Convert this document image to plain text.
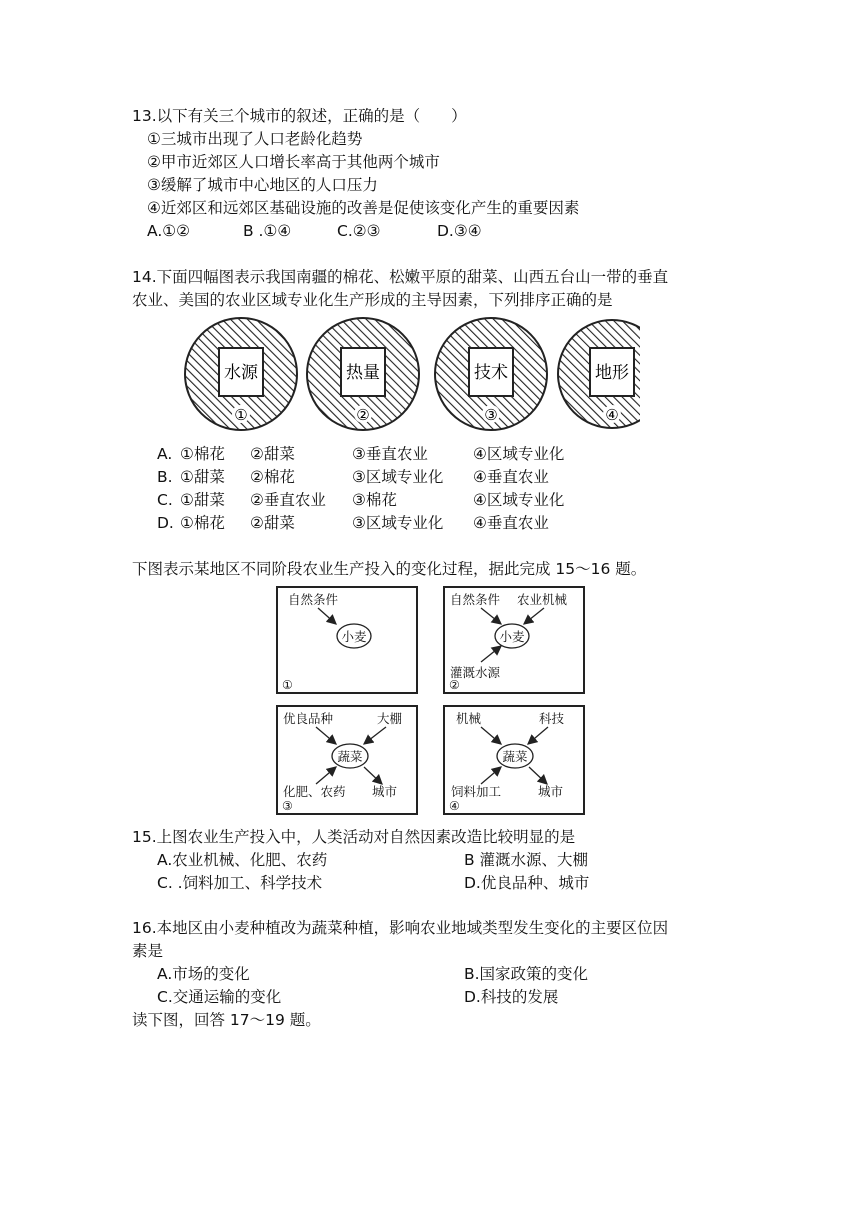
13.以下有关三个城市的叙述，正确的是（　　）
①三城市出现了人口老龄化趋势
②甲市近郊区人口增长率高于其他两个城市
③缓解了城市中心地区的人口压力
④近郊区和远郊区基础设施的改善是促使该变化产生的重要因素
A.①②	B .①④	C.②③	D.③④
14.下面四幅图表示我国南疆的棉花、松嫩平原的甜菜、山西五台山一带的垂直
农业、美国的农业区域专业化生产形成的主导因素，下列排序正确的是
水源
①
热量
②
技术
③
地形
④
A. ①棉花 ②甜菜	③垂直农业	④区域专业化
B. ①甜菜 ②棉花	③区域专业化 ④垂直农业
C. ①甜菜 ②垂直农业 ③棉花	④区域专业化
D. ①棉花 ②甜菜	③区域专业化 ④垂直农业
下图表示某地区不同阶段农业生产投入的变化过程，据此完成 15～16 题。
自然条件
小麦
①
自然条件 农业机械
小麦
灌溉水源
②
优良品种	大棚
蔬菜
化肥、农药 城市
③
机械	科技
蔬菜
饲料加工	城市
④
15.上图农业生产投入中，人类活动对自然因素改造比较明显的是
A.农业机械、化肥、农药	B 灌溉水源、大棚
C. .饲料加工、科学技术	D.优良品种、城市
16.本地区由小麦种植改为蔬菜种植，影响农业地域类型发生变化的主要区位因
素是
A.市场的变化	B.国家政策的变化
C.交通运输的变化	D.科技的发展
读下图，回答 17～19 题。
